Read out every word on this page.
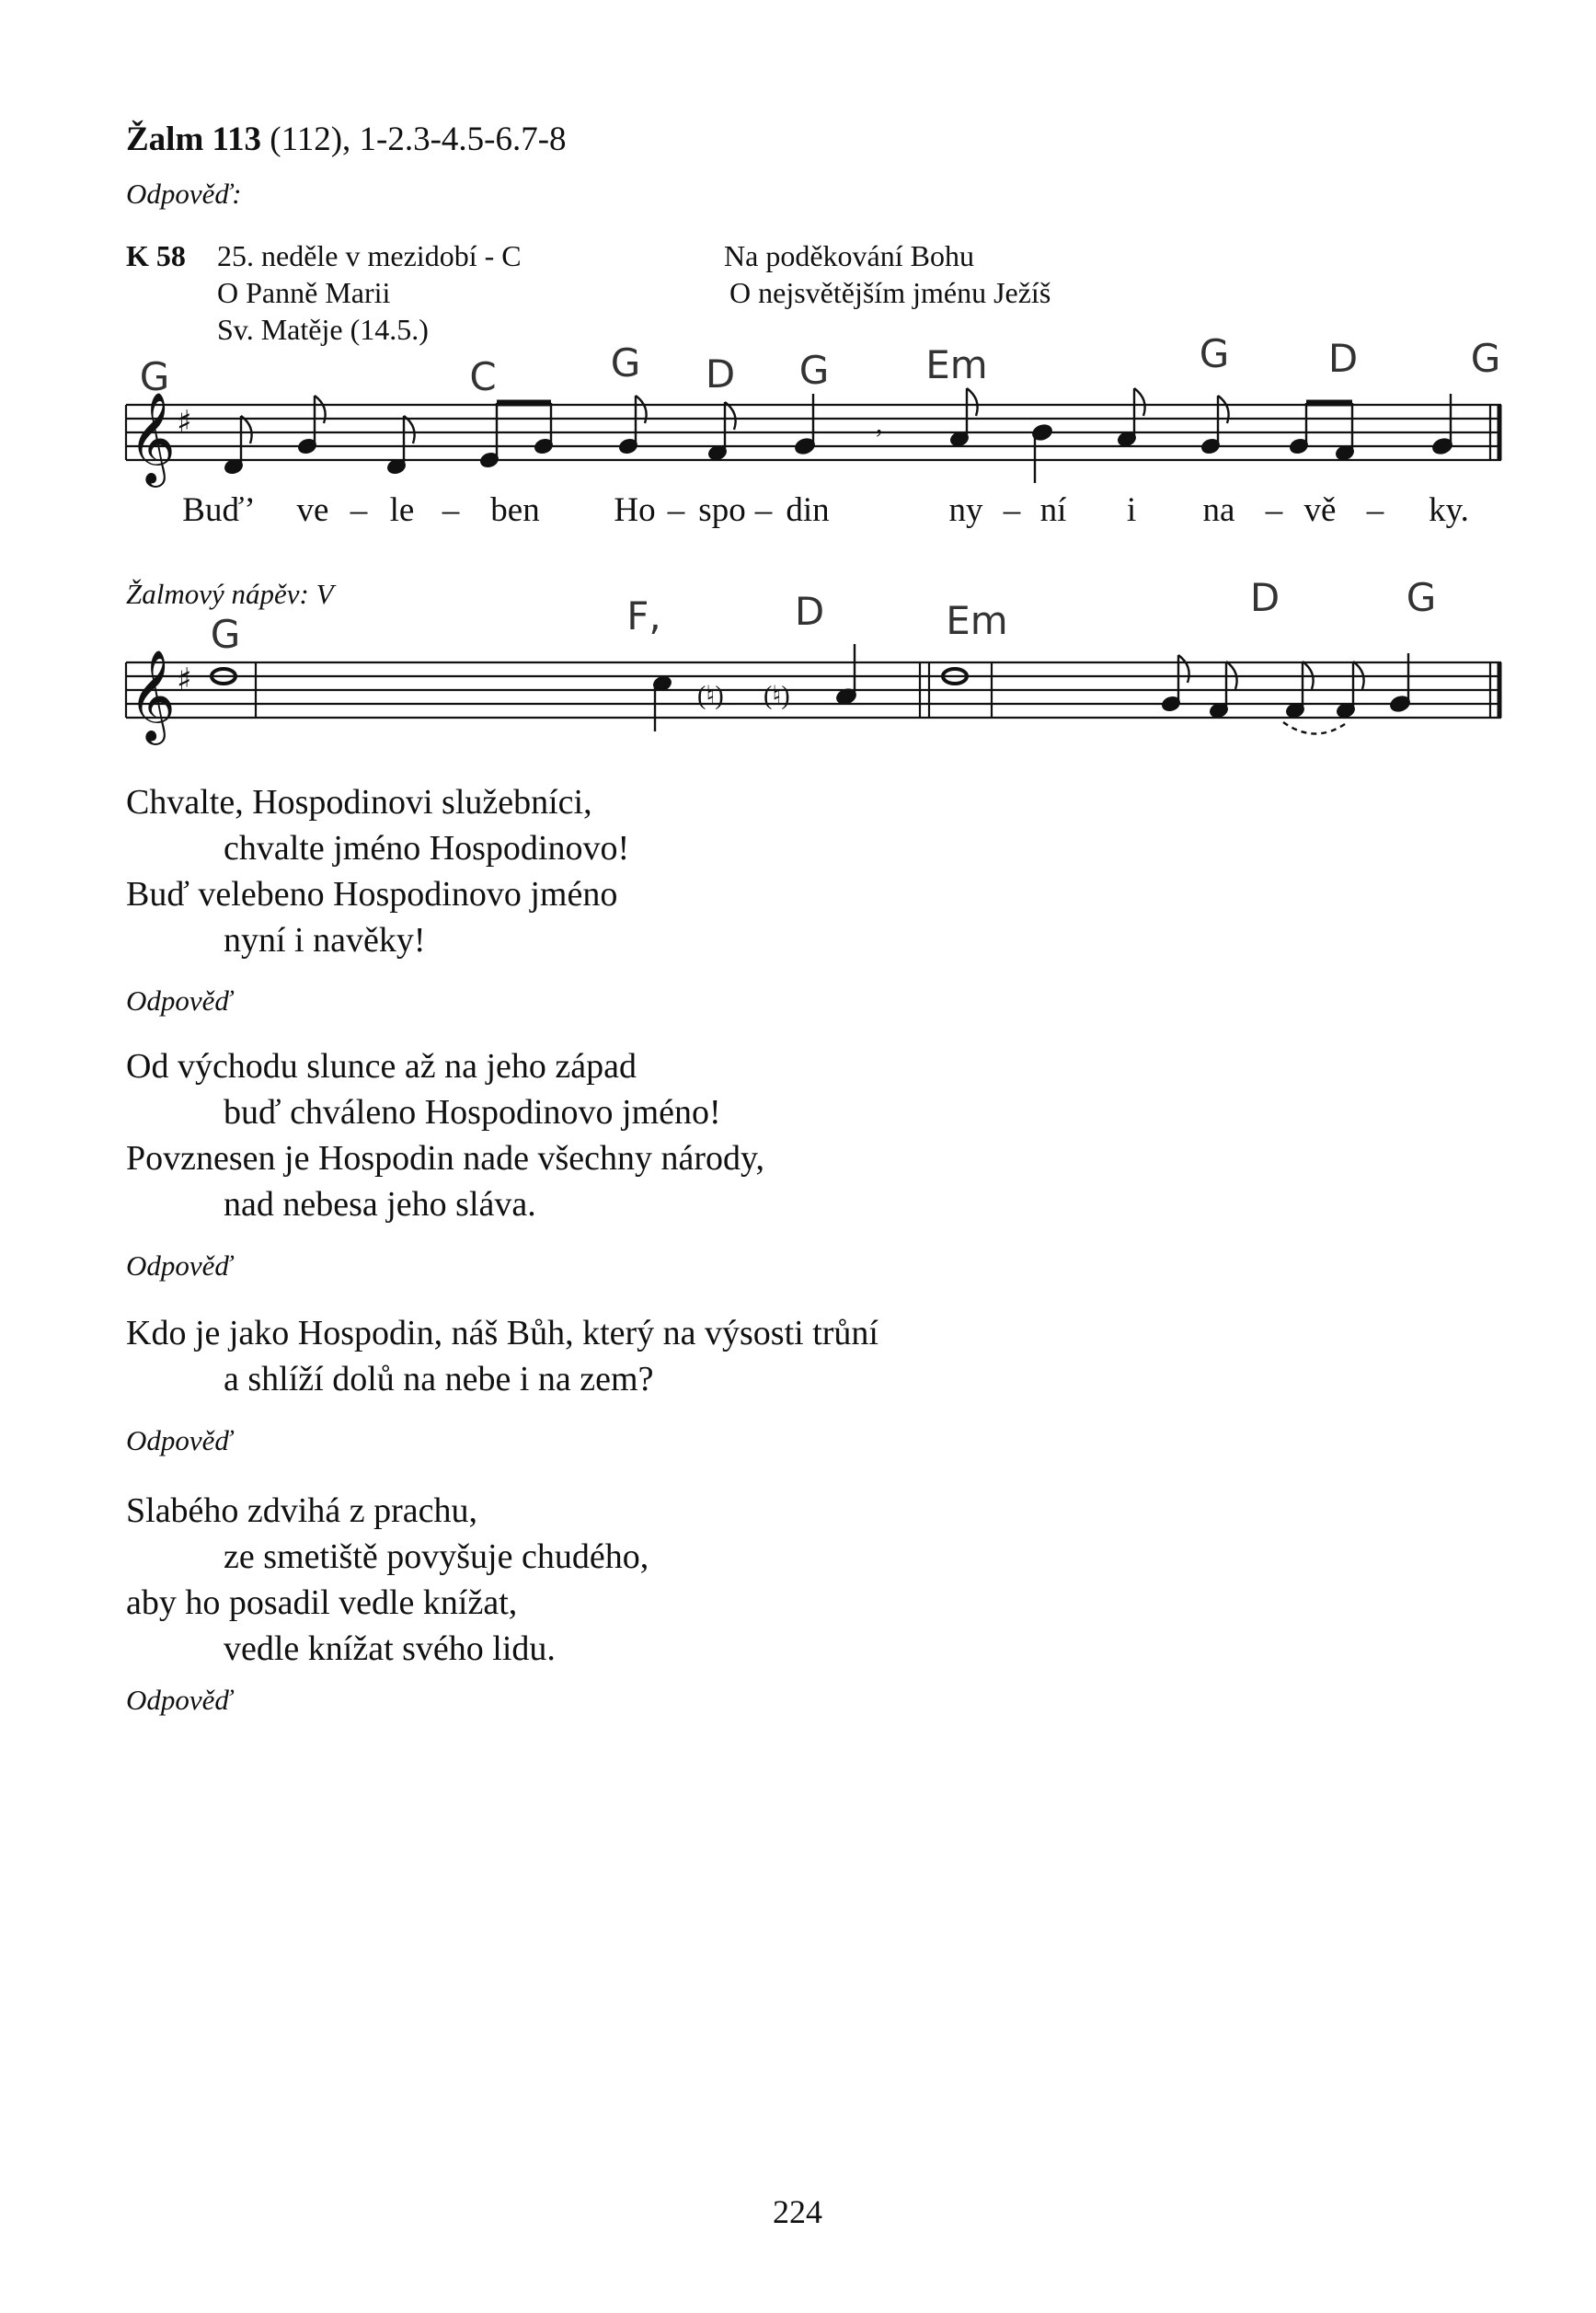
Žalm 113 (112), 1-2.3-4.5-6.7-8
Odpověď:
K 58 25. neděle v mezidobí - C
O Panně Marii
Sv. Matěje (14.5.)
Na poděkování Bohu
O nejsvětějším jménu Ježíš
G	C	G D G	Em	G	D	G
𝄞 ♯
𝄞 ♯
,
(♮) (♮)
Buď’ ve – le – ben Ho – spo – din	ny – ní i na – vě – ky.
Žalmový nápěv: V
G	F,	D	Em
D	G
Chvalte, Hospodinovi služebníci,
chvalte jméno Hospodinovo!
Buď velebeno Hospodinovo jméno
nyní i navěky!
Odpověď
Od východu slunce až na jeho západ
buď chváleno Hospodinovo jméno!
Povznesen je Hospodin nade všechny národy,
nad nebesa jeho sláva.
Odpověď
Kdo je jako Hospodin, náš Bůh, který na výsosti trůní
a shlíží dolů na nebe i na zem?
Odpověď
Slabého zdvihá z prachu,
ze smetiště povyšuje chudého,
aby ho posadil vedle knížat,
vedle knížat svého lidu.
Odpověď
224
